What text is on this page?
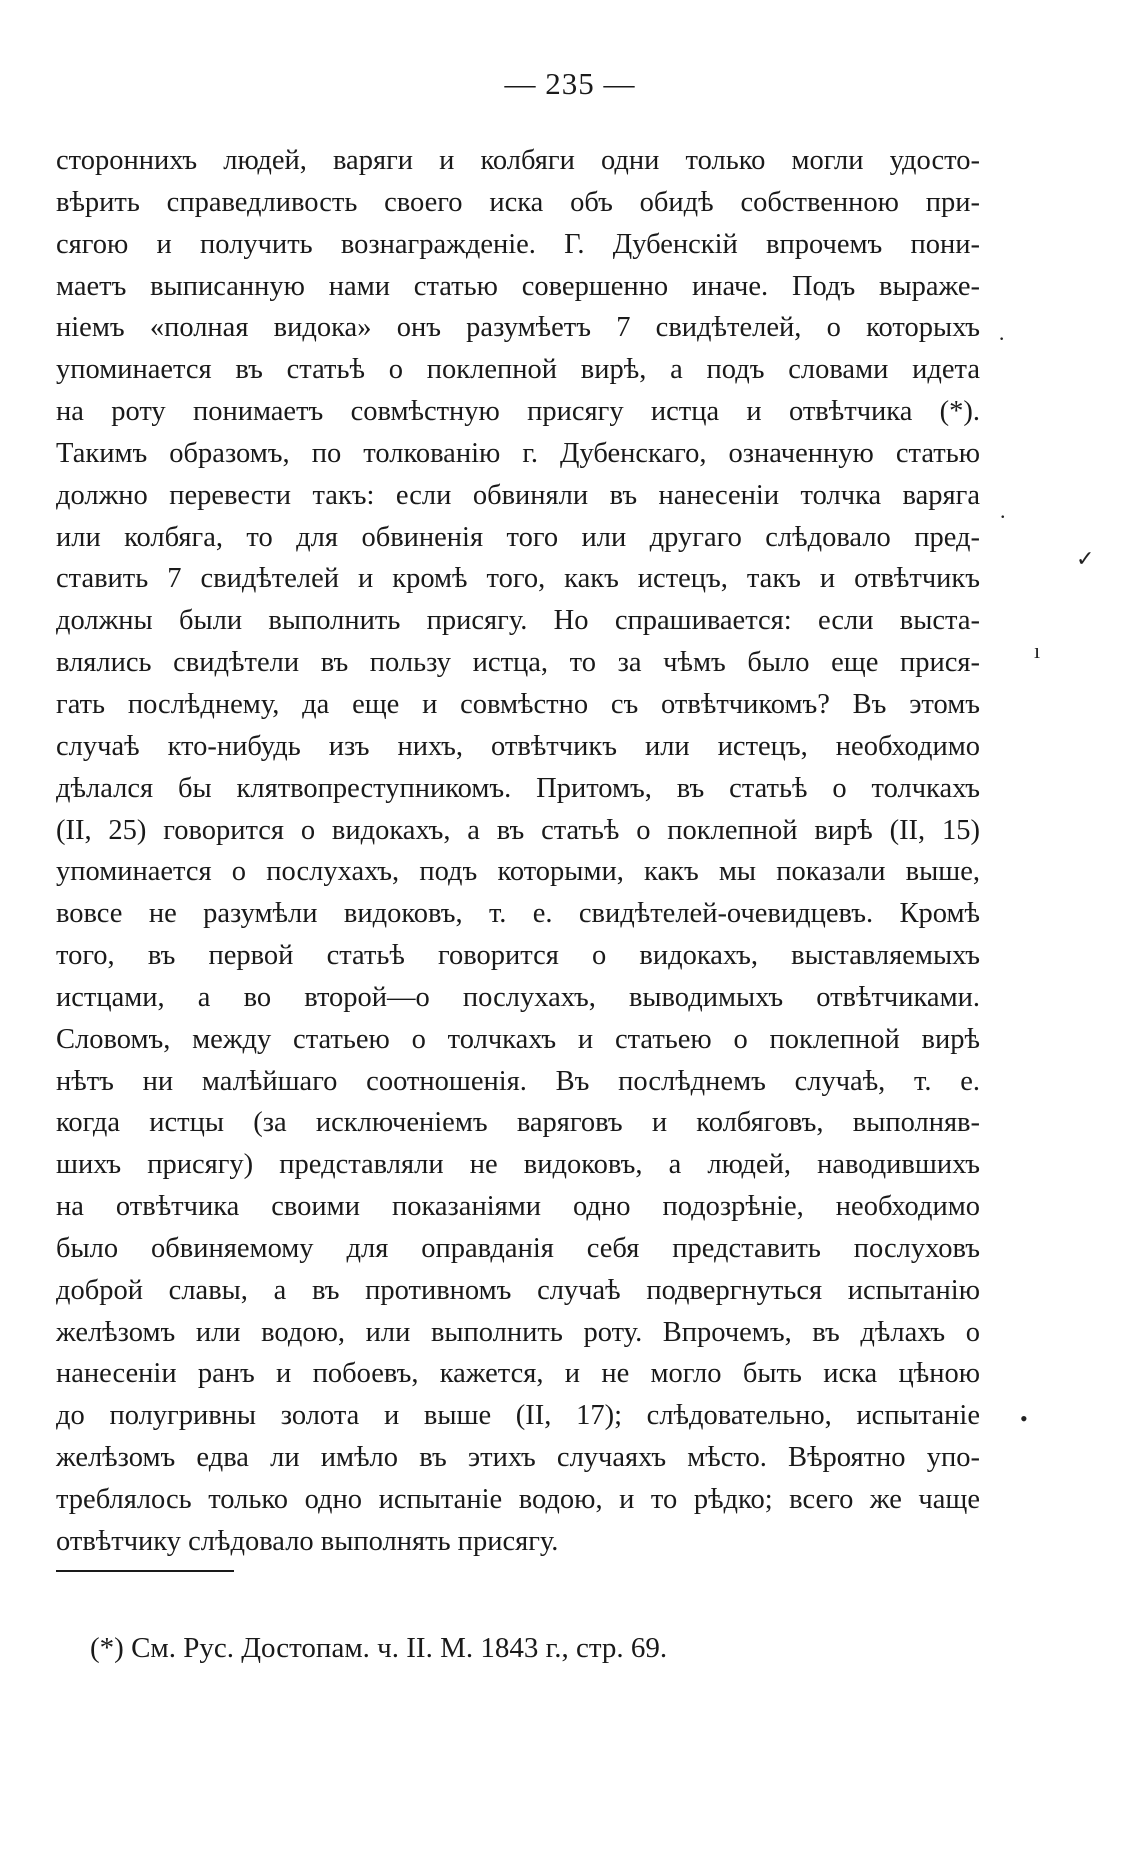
— 235 —
стороннихъ людей, варяги и колбяги одни только могли удосто-
вѣрить справедливость своего иска объ обидѣ собственною при-
сягою и получить вознагражденіе. Г. Дубенскій впрочемъ пони-
маетъ выписанную нами статью совершенно иначе. Подъ выраже-
ніемъ «полная видока» онъ разумѣетъ 7 свидѣтелей, о которыхъ
упоминается въ статьѣ о поклепной вирѣ, а подъ словами идета
на роту понимаетъ совмѣстную присягу истца и отвѣтчика (*).
Такимъ образомъ, по толкованію г. Дубенскаго, означенную статью
должно перевести такъ: если обвиняли въ нанесеніи толчка варяга
или колбяга, то для обвиненія того или другаго слѣдовало пред-
ставить 7 свидѣтелей и кромѣ того, какъ истецъ, такъ и отвѣтчикъ
должны были выполнить присягу. Но спрашивается: если выста-
влялись свидѣтели въ пользу истца, то за чѣмъ было еще прися-
гать послѣднему, да еще и совмѣстно съ отвѣтчикомъ? Въ этомъ
случаѣ кто-нибудь изъ нихъ, отвѣтчикъ или истецъ, необходимо
дѣлался бы клятвопреступникомъ. Притомъ, въ статьѣ о толчкахъ
(II, 25) говорится о видокахъ, а въ статьѣ о поклепной вирѣ (II, 15)
упоминается о послухахъ, подъ которыми, какъ мы показали выше,
вовсе не разумѣли видоковъ, т. е. свидѣтелей-очевидцевъ. Кромѣ
того, въ первой статьѣ говорится о видокахъ, выставляемыхъ
истцами, а во второй—о послухахъ, выводимыхъ отвѣтчиками.
Словомъ, между статьею о толчкахъ и статьею о поклепной вирѣ
нѣтъ ни малѣйшаго соотношенія. Въ послѣднемъ случаѣ, т. е.
когда истцы (за исключеніемъ варяговъ и колбяговъ, выполняв-
шихъ присягу) представляли не видоковъ, а людей, наводившихъ
на отвѣтчика своими показаніями одно подозрѣніе, необходимо
было обвиняемому для оправданія себя представить послуховъ
доброй славы, а въ противномъ случаѣ подвергнуться испытанію
желѣзомъ или водою, или выполнить роту. Впрочемъ, въ дѣлахъ о
нанесеніи ранъ и побоевъ, кажется, и не могло быть иска цѣною
до полугривны золота и выше (II, 17); слѣдовательно, испытаніе
желѣзомъ едва ли имѣло въ этихъ случаяхъ мѣсто. Вѣроятно упо-
треблялось только одно испытаніе водою, и то рѣдко; всего же чаще
отвѣтчику слѣдовало выполнять присягу.
(*) См. Рус. Достопам. ч. II. М. 1843 г., стр. 69.
·
.
✓
ı
•
